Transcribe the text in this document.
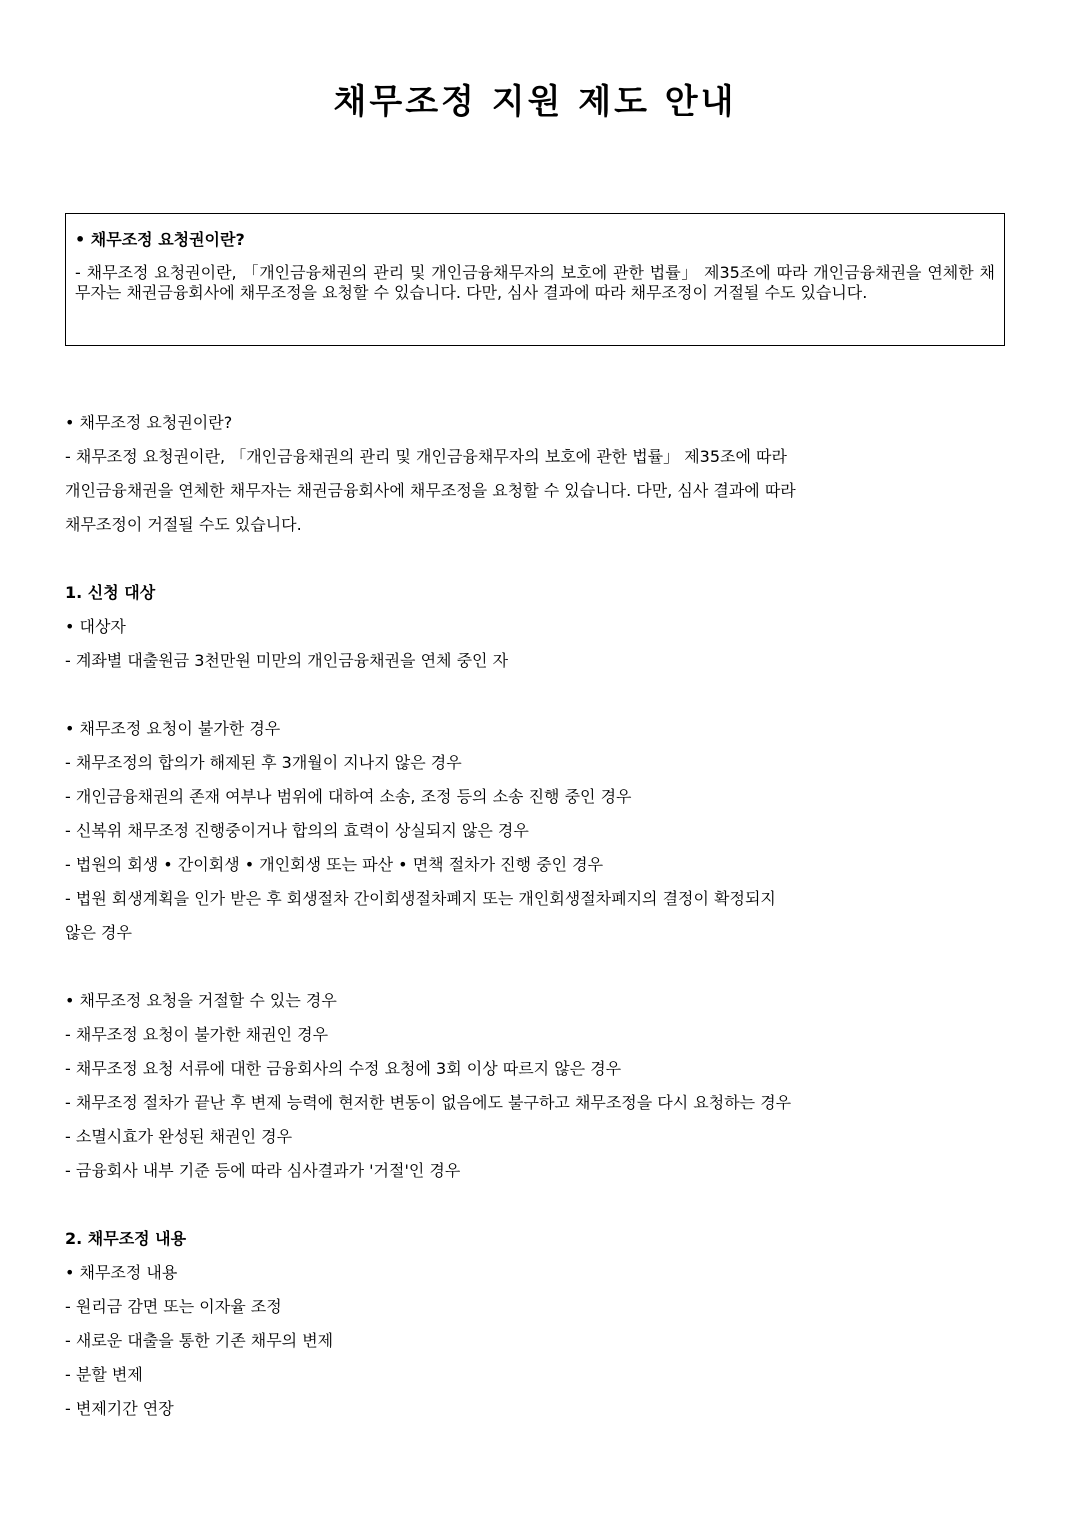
채무조정 지원 제도 안내
• 채무조정 요청권이란?
- 채무조정 요청권이란, 「개인금융채권의 관리 및 개인금융채무자의 보호에 관한 법률」 제35조에 따라 개인금융채권을 연체한 채무자는 채권금융회사에 채무조정을 요청할 수 있습니다. 다만, 심사 결과에 따라 채무조정이 거절될 수도 있습니다.
• 채무조정 요청권이란?
- 채무조정 요청권이란, 「개인금융채권의 관리 및 개인금융채무자의 보호에 관한 법률」 제35조에 따라
개인금융채권을 연체한 채무자는 채권금융회사에 채무조정을 요청할 수 있습니다. 다만, 심사 결과에 따라
채무조정이 거절될 수도 있습니다.
1. 신청 대상
• 대상자
- 계좌별 대출원금 3천만원 미만의 개인금융채권을 연체 중인 자
• 채무조정 요청이 불가한 경우
- 채무조정의 합의가 해제된 후 3개월이 지나지 않은 경우
- 개인금융채권의 존재 여부나 범위에 대하여 소송, 조정 등의 소송 진행 중인 경우
- 신복위 채무조정 진행중이거나 합의의 효력이 상실되지 않은 경우
- 법원의 회생 • 간이회생 • 개인회생 또는 파산 • 면책 절차가 진행 중인 경우
- 법원 회생계획을 인가 받은 후 회생절차 간이회생절차폐지 또는 개인회생절차폐지의 결정이 확정되지
않은 경우
• 채무조정 요청을 거절할 수 있는 경우
- 채무조정 요청이 불가한 채권인 경우
- 채무조정 요청 서류에 대한 금융회사의 수정 요청에 3회 이상 따르지 않은 경우
- 채무조정 절차가 끝난 후 변제 능력에 현저한 변동이 없음에도 불구하고 채무조정을 다시 요청하는 경우
- 소멸시효가 완성된 채권인 경우
- 금융회사 내부 기준 등에 따라 심사결과가 '거절'인 경우
2. 채무조정 내용
• 채무조정 내용
- 원리금 감면 또는 이자율 조정
- 새로운 대출을 통한 기존 채무의 변제
- 분할 변제
- 변제기간 연장
